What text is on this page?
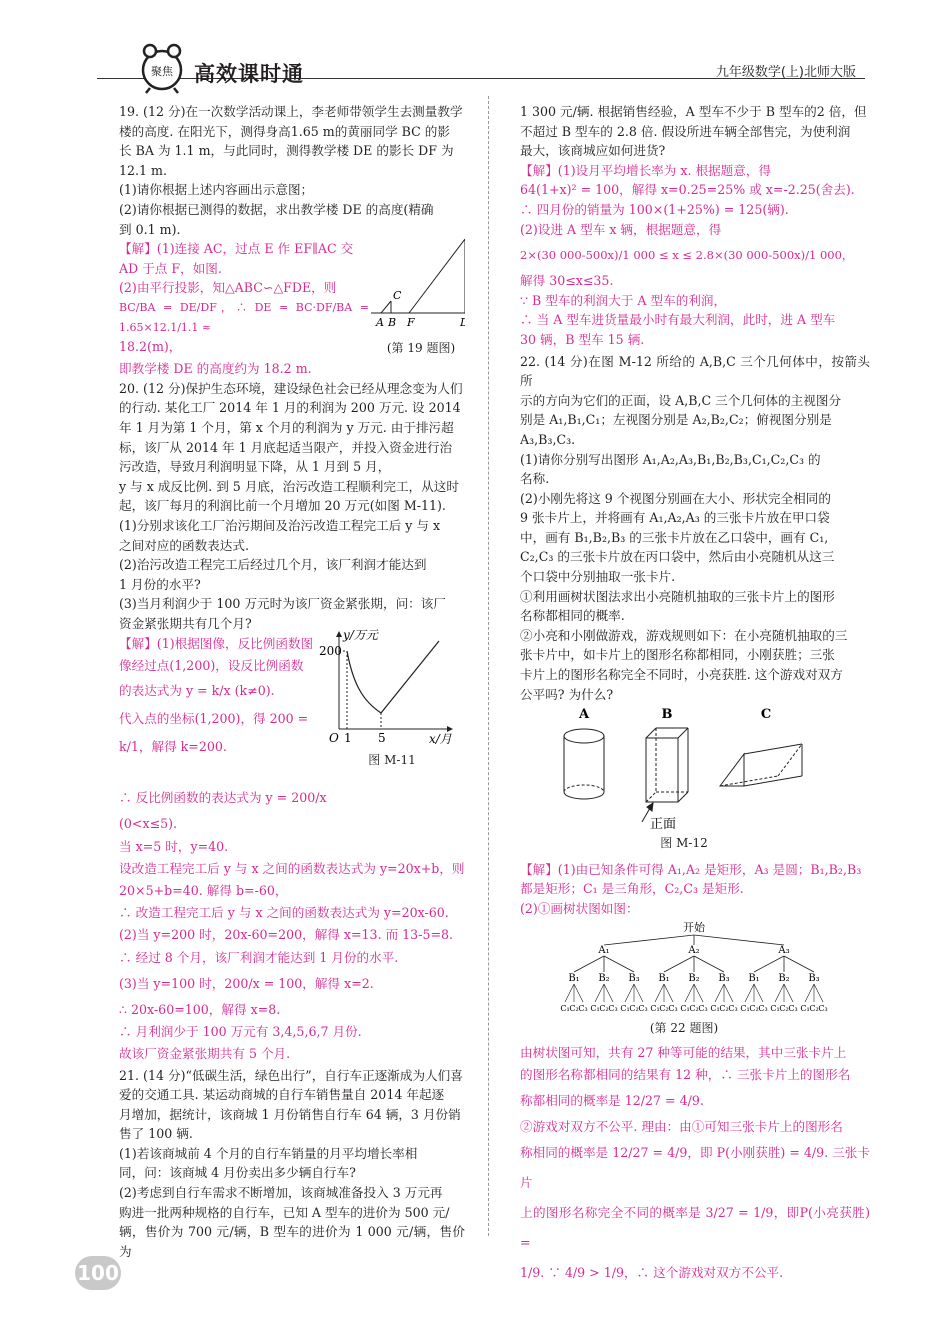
聚焦 高效课时通	九年级数学(上)北师大版

19. (12 分)在一次数学活动课上，李老师带领学生去测量教学

楼的高度. 在阳光下，测得身高1.65 m的黄丽同学 BC 的影

长 BA 为 1.1 m，与此同时，测得教学楼 DE 的影长 DF 为

12.1 m.

(1)请你根据上述内容画出示意图；

(2)请你根据已测得的数据，求出教学楼 DE 的高度(精确

到 0.1 m).

【解】(1)连接 AC，过点 E 作 EF∥AC 交

AD 于点 F，如图.

(2)由平行投影，知△ABC∽△FDE，则

BC/BA = DE/DF，∴ DE = BC·DF/BA = 1.65×12.1/1.1 ≈

18.2(m)，

E
C
A B F	D
(第 19 题图)

即教学楼 DE 的高度约为 18.2 m.

20. (12 分)保护生态环境，建设绿色社会已经从理念变为人们

的行动. 某化工厂 2014 年 1 月的利润为 200 万元. 设 2014

年 1 月为第 1 个月，第 x 个月的利润为 y 万元. 由于排污超

标，该厂从 2014 年 1 月底起适当限产，并投入资金进行治

污改造，导致月利润明显下降，从 1 月到 5 月，

y 与 x 成反比例. 到 5 月底，治污改造工程顺利完工，从这时

起，该厂每月的利润比前一个月增加 20 万元(如图 M-11).

(1)分别求该化工厂治污期间及治污改造工程完工后 y 与 x

之间对应的函数表达式.

(2)治污改造工程完工后经过几个月，该厂利润才能达到

1 月份的水平?

(3)当月利润少于 100 万元时为该厂资金紧张期，问：该厂

资金紧张期共有几个月?

【解】(1)根据图像，反比例函数图

像经过点(1,200)，设反比例函数

的表达式为 y = k/x (k≠0).

代入点的坐标(1,200)，得 200 =

k/1，解得 k=200.

y/万元
x/月
200
O 1 5
图 M-11

∴ 反比例函数的表达式为 y = 200/x

(0<x≤5).

当 x=5 时，y=40.

设改造工程完工后 y 与 x 之间的函数表达式为 y=20x+b，则

20×5+b=40. 解得 b=-60，

∴ 改造工程完工后 y 与 x 之间的函数表达式为 y=20x-60.

(2)当 y=200 时，20x-60=200，解得 x=13. 而 13-5=8.

∴ 经过 8 个月，该厂利润才能达到 1 月份的水平.

(3)当 y=100 时，200/x = 100，解得 x=2.

∴ 20x-60=100，解得 x=8.

∴ 月利润少于 100 万元有 3,4,5,6,7 月份.

故该厂资金紧张期共有 5 个月.

21. (14 分)“低碳生活，绿色出行”，自行车正逐渐成为人们喜

爱的交通工具. 某运动商城的自行车销售量自 2014 年起逐

月增加，据统计，该商城 1 月份销售自行车 64 辆，3 月份销

售了 100 辆.

(1)若该商城前 4 个月的自行车销量的月平均增长率相

同，问：该商城 4 月份卖出多少辆自行车?

(2)考虑到自行车需求不断增加，该商城准备投入 3 万元再

购进一批两种规格的自行车，已知 A 型车的进价为 500 元/

辆，售价为 700 元/辆，B 型车的进价为 1 000 元/辆，售价为

1 300 元/辆. 根据销售经验，A 型车不少于 B 型车的2 倍，但

不超过 B 型车的 2.8 倍. 假设所进车辆全部售完，为使利润

最大，该商城应如何进货?

【解】(1)设月平均增长率为 x. 根据题意，得

64(1+x)² = 100，解得 x=0.25=25% 或 x=-2.25(舍去).

∴ 四月份的销量为 100×(1+25%) = 125(辆).

(2)设进 A 型车 x 辆，根据题意，得

2×(30 000-500x)/1 000 ≤ x ≤ 2.8×(30 000-500x)/1 000，

解得 30≤x≤35.

∵ B 型车的利润大于 A 型车的利润，

∴ 当 A 型车进货量最小时有最大利润，此时，进 A 型车

30 辆，B 型车 15 辆.

22. (14 分)在图 M-12 所给的 A,B,C 三个几何体中，按箭头所

示的方向为它们的正面，设 A,B,C 三个几何体的主视图分

别是 A₁,B₁,C₁；左视图分别是 A₂,B₂,C₂；俯视图分别是

A₃,B₃,C₃.

(1)请你分别写出图形 A₁,A₂,A₃,B₁,B₂,B₃,C₁,C₂,C₃ 的

名称.

(2)小刚先将这 9 个视图分别画在大小、形状完全相同的

9 张卡片上，并将画有 A₁,A₂,A₃ 的三张卡片放在甲口袋

中，画有 B₁,B₂,B₃ 的三张卡片放在乙口袋中，画有 C₁,

C₂,C₃ 的三张卡片放在丙口袋中，然后由小亮随机从这三

个口袋中分别抽取一张卡片.

①利用画树状图法求出小亮随机抽取的三张卡片上的图形

名称都相同的概率.

②小亮和小刚做游戏，游戏规则如下：在小亮随机抽取的三

张卡片中，如卡片上的图形名称都相同，小刚获胜；三张

卡片上的图形名称完全不同时，小亮获胜. 这个游戏对双方

公平吗? 为什么?

A	B	C
正面
图 M-12

【解】(1)由已知条件可得 A₁,A₂ 是矩形，A₃ 是圆；B₁,B₂,B₃

都是矩形；C₁ 是三角形，C₂,C₃ 是矩形.

(2)①画树状图如图：

开始
A₁
B₁
C₁ C₂ C₃
B₂
C₁ C₂ C₃
B₃
C₁ C₂ C₃
A₂
B₁
C₁ C₂ C₃
B₂
C₁ C₂ C₃
B₃
C₁ C₂ C₃
A₃
B₁
C₁ C₂ C₃
B₂
C₁ C₂ C₃
B₃
C₁ C₂ C₃
(第 22 题图)

由树状图可知，共有 27 种等可能的结果，其中三张卡片上

的图形名称都相同的结果有 12 种，∴ 三张卡片上的图形名

称都相同的概率是 12/27 = 4/9.

②游戏对双方不公平. 理由：由①可知三张卡片上的图形名

称相同的概率是 12/27 = 4/9，即 P(小刚获胜) = 4/9. 三张卡片

上的图形名称完全不同的概率是 3/27 = 1/9，即P(小亮获胜) =

1/9. ∵ 4/9 > 1/9，∴ 这个游戏对双方不公平.

100
